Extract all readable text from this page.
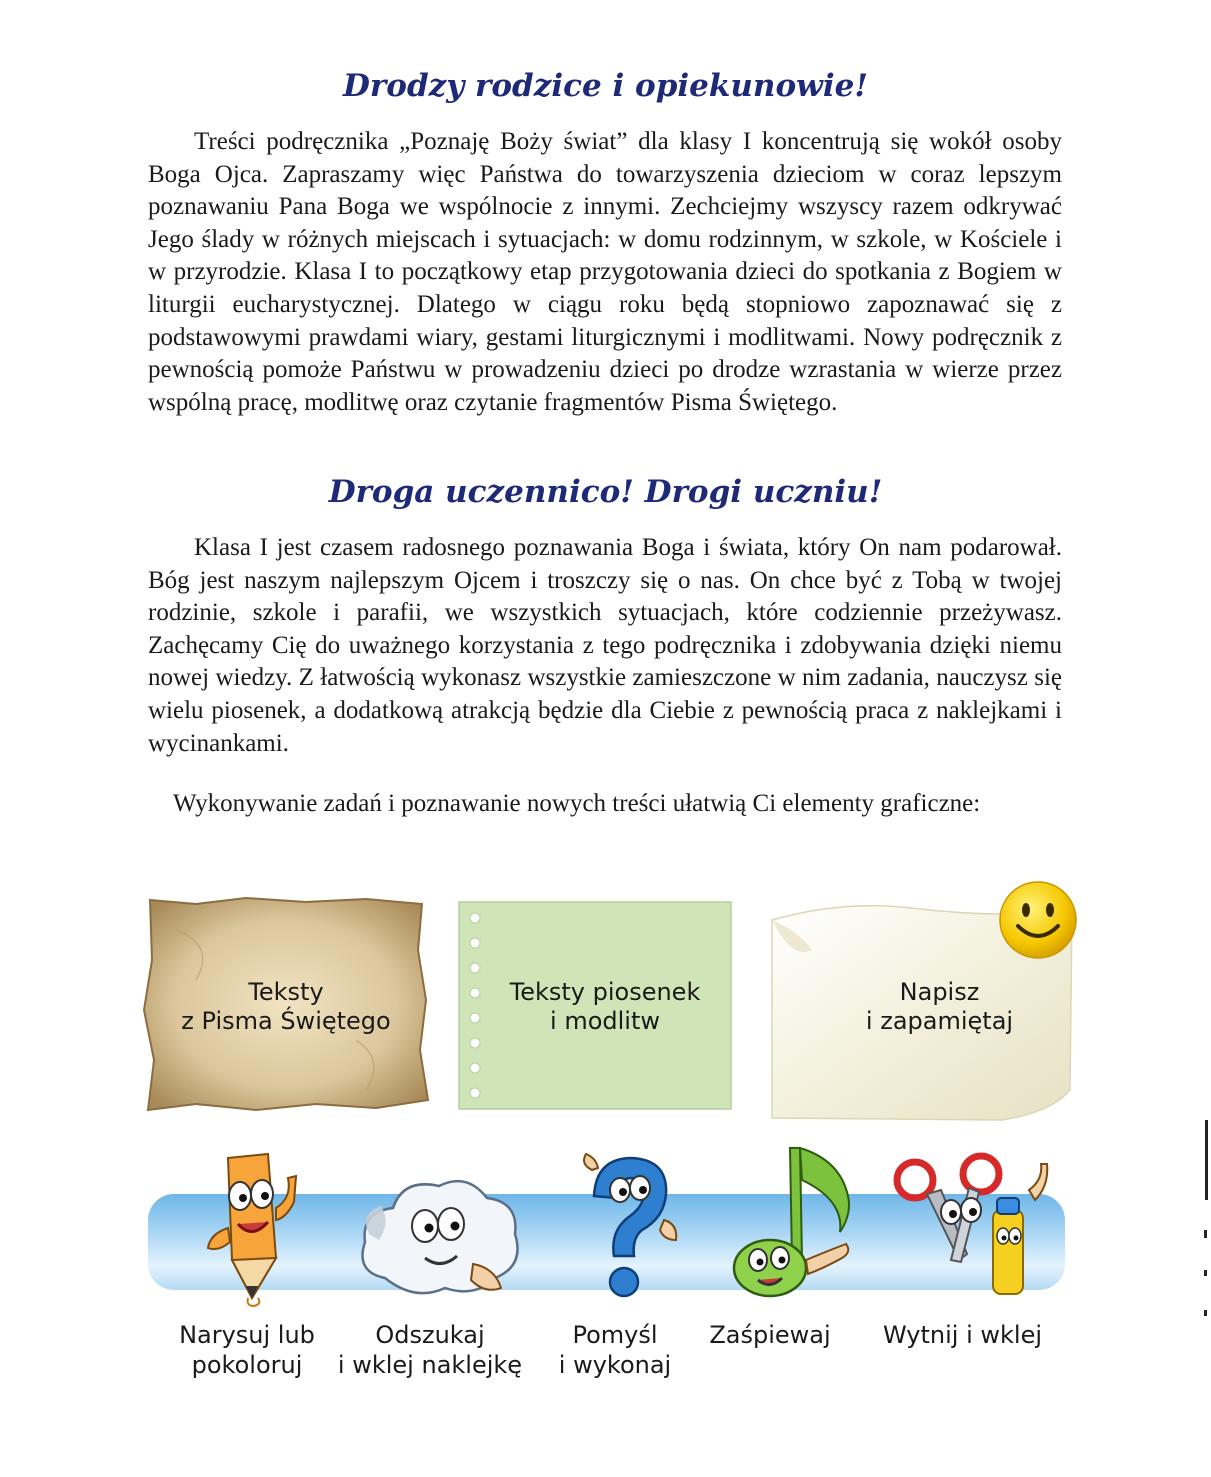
Drodzy rodzice i opiekunowie!

Treści podręcznika „Poznaję Boży świat” dla klasy I koncentrują się wokół osoby Boga Ojca. Zapraszamy więc Państwa do towarzyszenia dzieciom w coraz lepszym poznawaniu Pana Boga we wspólnocie z innymi. Zechciejmy wszyscy razem odkrywać Jego ślady w różnych miejscach i sytuacjach: w domu rodzinnym, w szkole, w Kościele i w przyrodzie. Klasa I to początkowy etap przygotowania dzieci do spotkania z Bogiem w liturgii eucharystycznej. Dlatego w ciągu roku będą stopniowo zapoznawać się z podstawowymi prawdami wiary, gestami liturgicznymi i modlitwami. Nowy podręcznik z pewnością pomoże Państwu w prowadzeniu dzieci po drodze wzrastania w wierze przez wspólną pracę, modlitwę oraz czytanie fragmentów Pisma Świętego.

Droga uczennico! Drogi uczniu!

Klasa I jest czasem radosnego poznawania Boga i świata, który On nam podarował. Bóg jest naszym najlepszym Ojcem i troszczy się o nas. On chce być z Tobą w twojej rodzinie, szkole i parafii, we wszystkich sytuacjach, które codziennie przeżywasz. Zachęcamy Cię do uważnego korzystania z tego podręcznika i zdobywania dzięki niemu nowej wiedzy. Z łatwością wykonasz wszystkie zamieszczone w nim zadania, nauczysz się wielu piosenek, a dodatkową atrakcją będzie dla Ciebie z pewnością praca z naklejkami i wycinankami.

Wykonywanie zadań i poznawanie nowych treści ułatwią Ci elementy graficzne:

Teksty
z Pisma Świętego
Teksty piosenek
i modlitw
Napisz
i zapamiętaj
Narysuj lub
pokoloruj
Odszukaj
i wklej naklejkę
Pomyśl
i wykonaj
Zaśpiewaj	Wytnij i wklej
